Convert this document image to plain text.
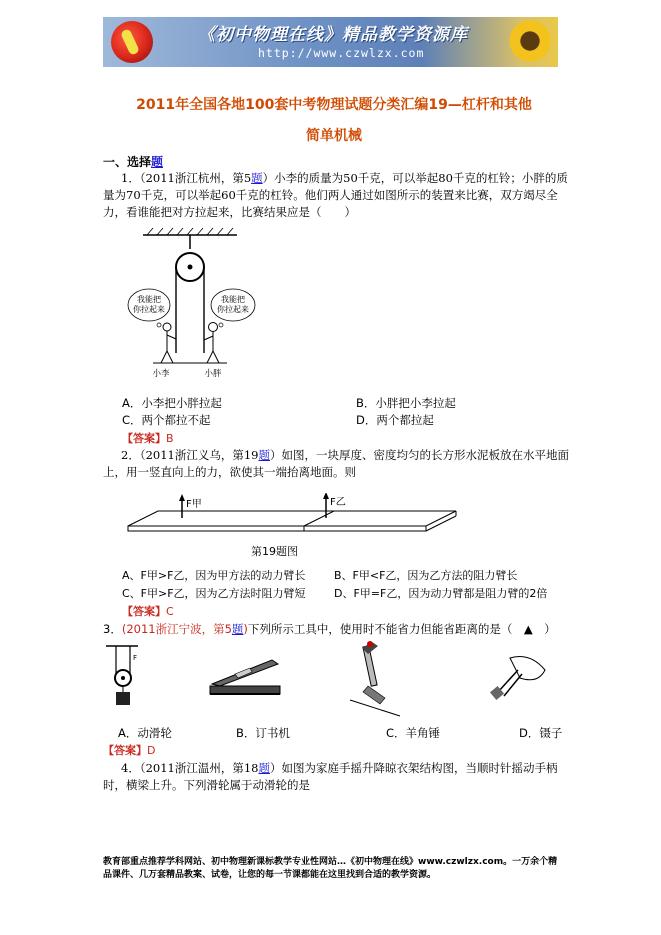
《初中物理在线》精品教学资源库
http://www.czwlzx.com
2011年全国各地100套中考物理试题分类汇编19—杠杆和其他
简单机械
一、选择题
1．（2011浙江杭州，第5题）小李的质量为50千克，可以举起80千克的杠铃；小胖的质量为70千克，可以举起60千克的杠铃。他们两人通过如图所示的装置来比赛，双方竭尽全力，看谁能把对方拉起来，比赛结果应是（　　）
我能把
你拉起来
我能把
你拉起来
小李	小胖
A．小李把小胖拉起	B．小胖把小李拉起
C．两个都拉不起	D．两个都拉起
【答案】B
2．（2011浙江义乌，第19题）如图，一块厚度、密度均匀的长方形水泥板放在水平地面上，用一竖直向上的力，欲使其一端抬离地面。则
F甲	F乙
第19题图
A、F甲>F乙，因为甲方法的动力臂长	B、F甲<F乙，因为乙方法的阻力臂长
C、F甲>F乙，因为乙方法时阻力臂短	D、F甲=F乙，因为动力臂都是阻力臂的2倍
【答案】C
3．(2011浙江宁波，第5题)下列所示工具中，使用时不能省力但能省距离的是（　▲　）
F
A．动滑轮	B．订书机	C．羊角锤	D．镊子
【答案】D
4．（2011浙江温州，第18题）如图为家庭手摇升降晾衣架结构图，当顺时针摇动手柄时，横梁上升。下列滑轮属于动滑轮的是
教育部重点推荐学科网站、初中物理新课标教学专业性网站…《初中物理在线》www.czwlzx.com。一万余个精品课件、几万套精品教案、试卷，让您的每一节课都能在这里找到合适的教学资源。
